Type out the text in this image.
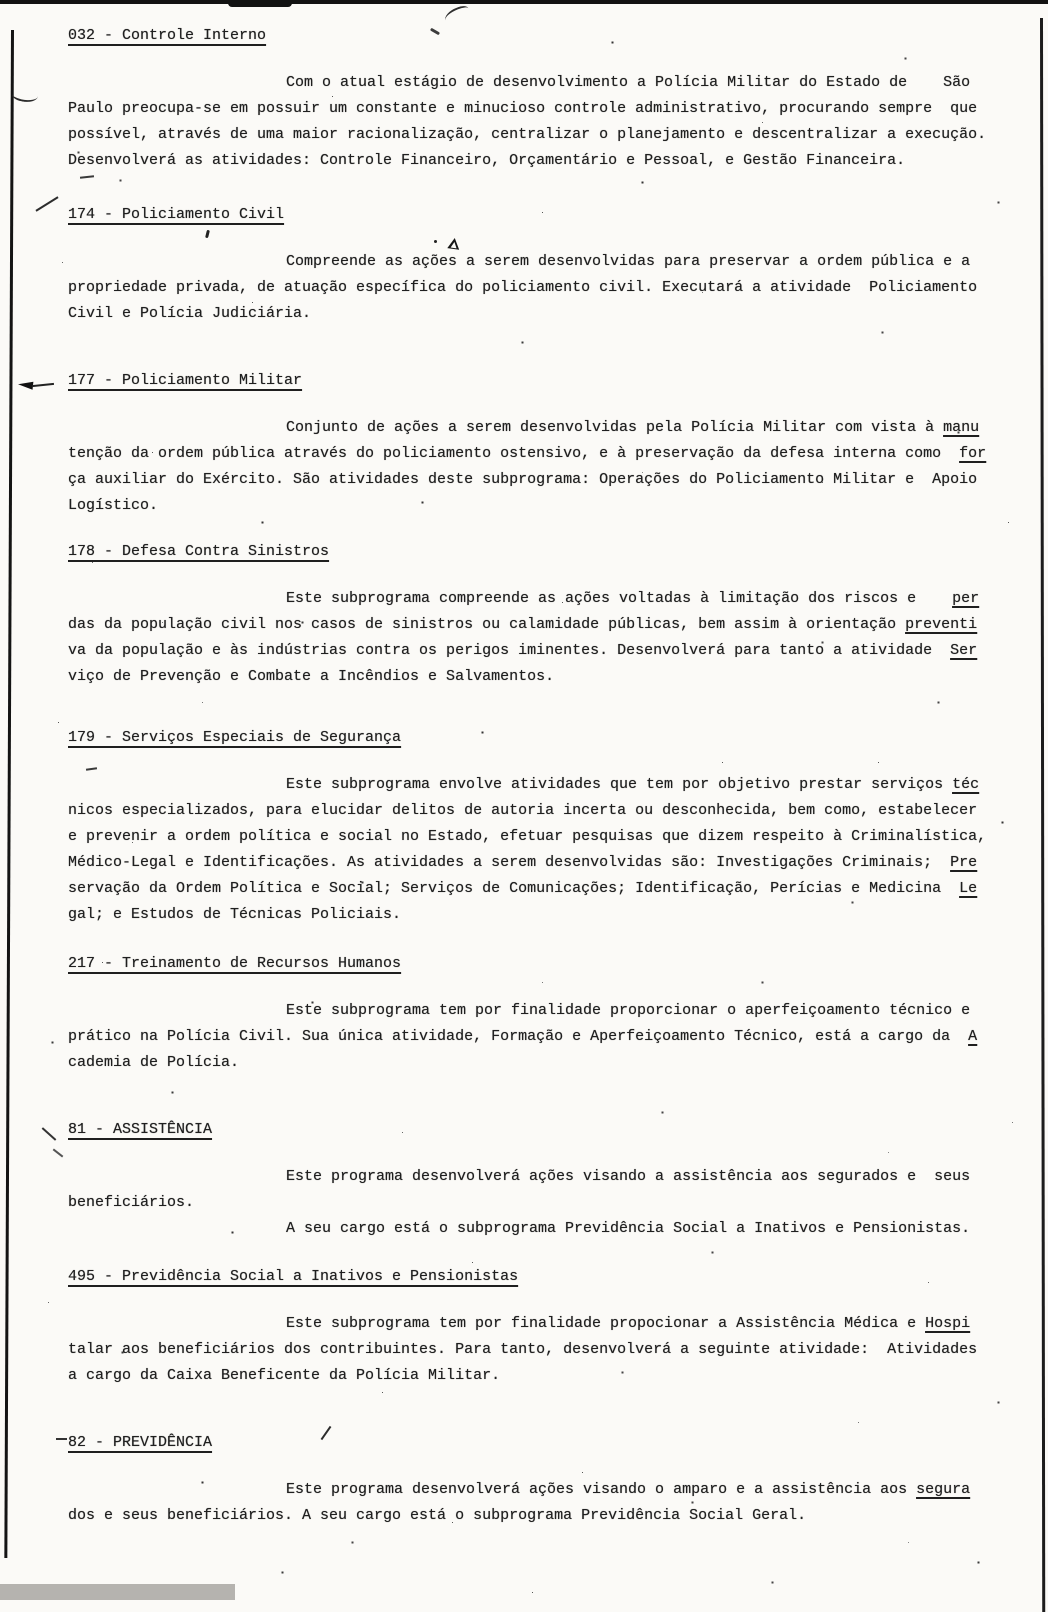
032 - Controle Interno
Com o atual estágio de desenvolvimento a Polícia Militar do Estado de    São
Paulo preocupa-se em possuir um constante e minucioso controle administrativo, procurando sempre  que
possível, através de uma maior racionalização, centralizar o planejamento e descentralizar a execução.
Desenvolverá as atividades: Controle Financeiro, Orçamentário e Pessoal, e Gestão Financeira.
174 - Policiamento Civil
Compreende as ações a serem desenvolvidas para preservar a ordem pública e a
propriedade privada, de atuação específica do policiamento civil. Executará a atividade  Policiamento
Civil e Polícia Judiciária.
177 - Policiamento Militar
Conjunto de ações a serem desenvolvidas pela Polícia Militar com vista à manu
tenção da ordem pública através do policiamento ostensivo, e à preservação da defesa interna como  for
ça auxiliar do Exército. São atividades deste subprograma: Operações do Policiamento Militar e  Apoio
Logístico.
178 - Defesa Contra Sinistros
Este subprograma compreende as ações voltadas à limitação dos riscos e    per
das da população civil nos casos de sinistros ou calamidade públicas, bem assim à orientação preventi
va da população e às indústrias contra os perigos iminentes. Desenvolverá para tanto a atividade  Ser
viço de Prevenção e Combate a Incêndios e Salvamentos.
179 - Serviços Especiais de Segurança
Este subprograma envolve atividades que tem por objetivo prestar serviços téc
nicos especializados, para elucidar delitos de autoria incerta ou desconhecida, bem como, estabelecer
e prevenir a ordem política e social no Estado, efetuar pesquisas que dizem respeito à Criminalística,
Médico-Legal e Identificações. As atividades a serem desenvolvidas são: Investigações Criminais;  Pre
servação da Ordem Política e Social; Serviços de Comunicações; Identificação, Perícias e Medicina  Le
gal; e Estudos de Técnicas Policiais.
217 - Treinamento de Recursos Humanos
Este subprograma tem por finalidade proporcionar o aperfeiçoamento técnico e
prático na Polícia Civil. Sua única atividade, Formação e Aperfeiçoamento Técnico, está a cargo da  A
cademia de Polícia.
81 - ASSISTÊNCIA
Este programa desenvolverá ações visando a assistência aos segurados e  seus
beneficiários.
A seu cargo está o subprograma Previdência Social a Inativos e Pensionistas.
495 - Previdência Social a Inativos e Pensionistas
Este subprograma tem por finalidade propocionar a Assistência Médica e Hospi
talar aos beneficiários dos contribuintes. Para tanto, desenvolverá a seguinte atividade:  Atividades
a cargo da Caixa Beneficente da Polícia Militar.
82 - PREVIDÊNCIA
Este programa desenvolverá ações visando o amparo e a assistência aos segura
dos e seus beneficiários. A seu cargo está o subprograma Previdência Social Geral.
